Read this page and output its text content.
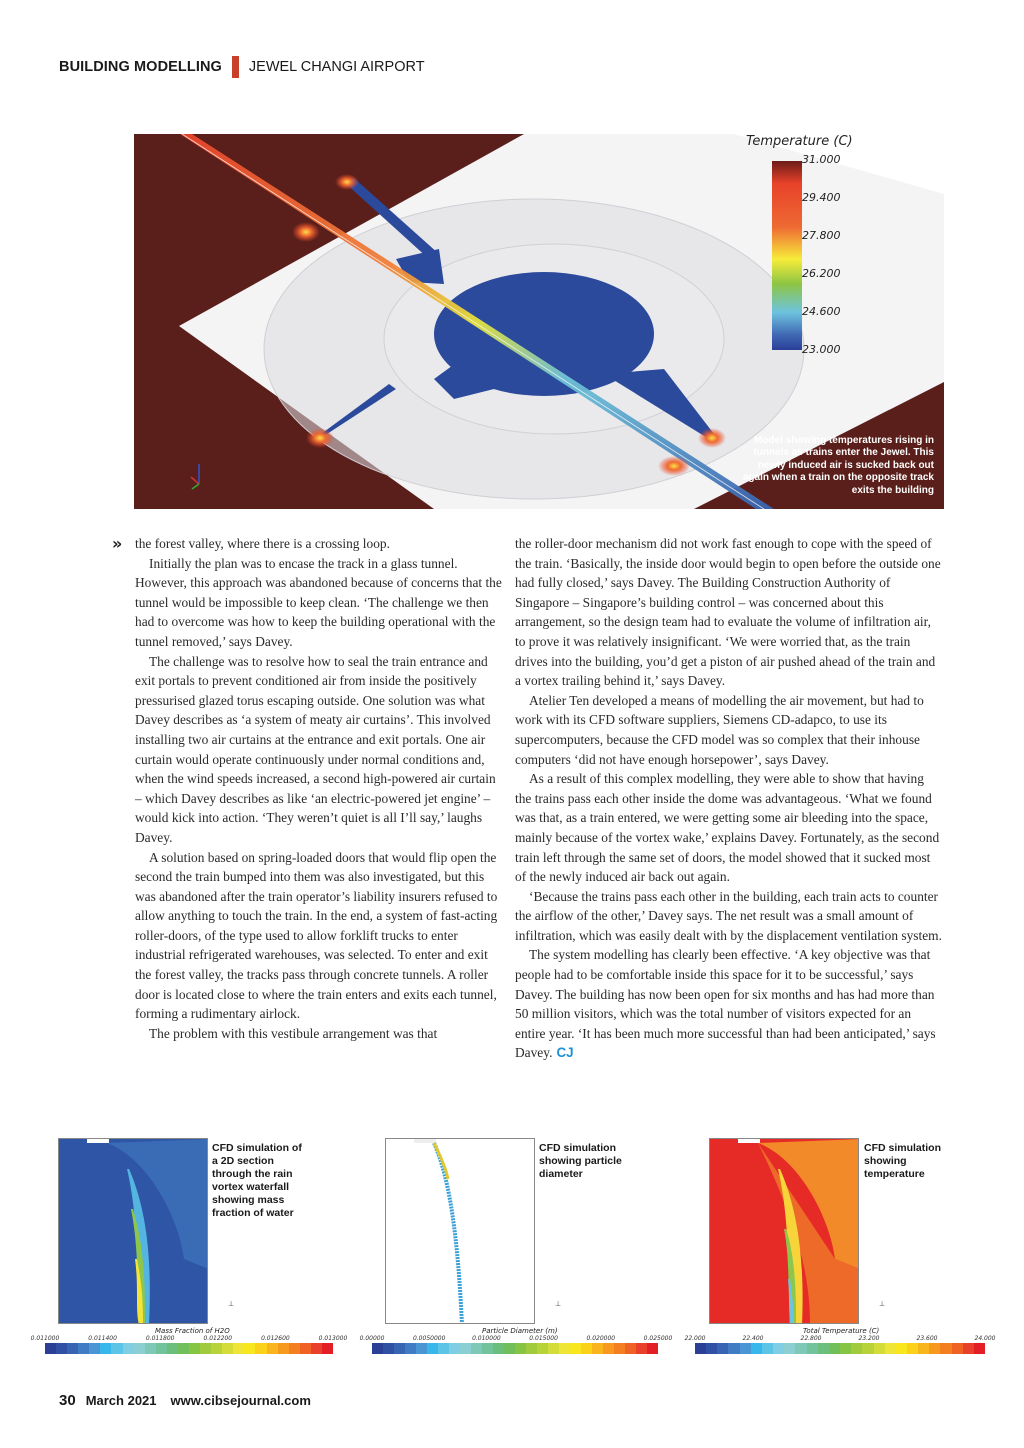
BUILDING MODELLING JEWEL CHANGI AIRPORT
Temperature (C)
31.000
29.400
27.800
26.200
24.600
23.000
Model showing temperatures rising in tunnels as trains enter the Jewel. This newly induced air is sucked back out again when a train on the opposite track exits the building
» the forest valley, where there is a crossing loop.

Initially the plan was to encase the track in a glass tunnel. However, this approach was abandoned because of concerns that the tunnel would be impossible to keep clean. ‘The challenge we then had to overcome was how to keep the building operational with the tunnel removed,’ says Davey.

The challenge was to resolve how to seal the train entrance and exit portals to prevent conditioned air from inside the positively pressurised glazed torus escaping outside. One solution was what Davey describes as ‘a system of meaty air curtains’. This involved installing two air curtains at the entrance and exit portals. One air curtain would operate continuously under normal conditions and, when the wind speeds increased, a second high-powered air curtain – which Davey describes as like ‘an electric-powered jet engine’ – would kick into action. ‘They weren’t quiet is all I’ll say,’ laughs Davey.

A solution based on spring-loaded doors that would flip open the second the train bumped into them was also investigated, but this was abandoned after the train operator’s liability insurers refused to allow anything to touch the train. In the end, a system of fast-acting roller-doors, of the type used to allow forklift trucks to enter industrial refrigerated warehouses, was selected. To enter and exit the forest valley, the tracks pass through concrete tunnels. A roller door is located close to where the train enters and exits each tunnel, forming a rudimentary airlock.

The problem with this vestibule arrangement was that

the roller-door mechanism did not work fast enough to cope with the speed of the train. ‘Basically, the inside door would begin to open before the outside one had fully closed,’ says Davey. The Building Construction Authority of Singapore – Singapore’s building control – was concerned about this arrangement, so the design team had to evaluate the volume of infiltration air, to prove it was relatively insignificant. ‘We were worried that, as the train drives into the building, you’d get a piston of air pushed ahead of the train and a vortex trailing behind it,’ says Davey.

Atelier Ten developed a means of modelling the air movement, but had to work with its CFD software suppliers, Siemens CD-adapco, to use its supercomputers, because the CFD model was so complex that their inhouse computers ‘did not have enough horsepower’, says Davey.

As a result of this complex modelling, they were able to show that having the trains pass each other inside the dome was advantageous. ‘What we found was that, as a train entered, we were getting some air bleeding into the space, mainly because of the vortex wake,’ explains Davey. Fortunately, as the second train left through the same set of doors, the model showed that it sucked most of the newly induced air back out again.

‘Because the trains pass each other in the building, each train acts to counter the airflow of the other,’ Davey says. The net result was a small amount of infiltration, which was easily dealt with by the displacement ventilation system.

The system modelling has clearly been effective. ‘A key objective was that people had to be comfortable inside this space for it to be successful,’ says Davey. The building has now been open for six months and has had more than 50 million visitors, which was the total number of visitors expected for an entire year. ‘It has been much more successful than had been anticipated,’ says Davey. CJ

⊥
CFD simulation of a 2D section through the rain vortex waterfall showing mass fraction of water
Mass Fraction of H2O
0.011000	0.011400	0.011800	0.012200	0.012600	0.013000
⊥
CFD simulation showing particle diameter
Particle Diameter (m)
0.00000	0.0050000	0.010000	0.015000	0.020000	0.025000
⊥
CFD simulation showing temperature
Total Temperature (C)
22.000	22.400	22.800	23.200	23.600	24.000
30 March 2021 www.cibsejournal.com
